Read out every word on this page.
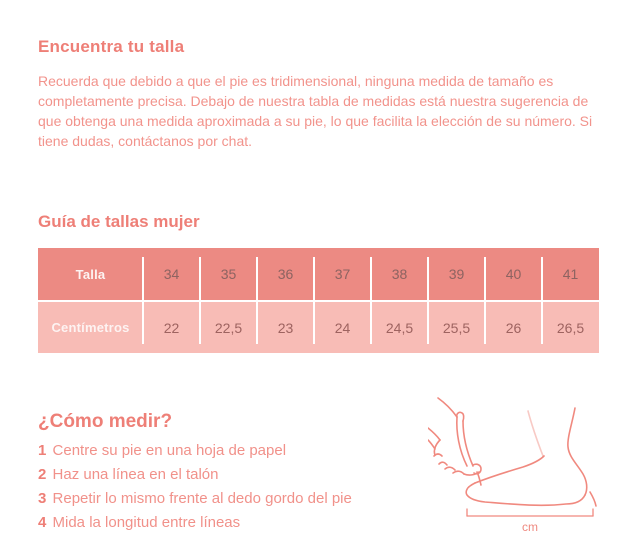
Encuentra tu talla

Recuerda que debido a que el pie es tridimensional, ninguna medida de tamaño es completamente precisa. Debajo de nuestra tabla de medidas está nuestra sugerencia de que obtenga una medida aproximada a su pie, lo que facilita la elección de su número. Si tiene dudas, contáctanos por chat.

Guía de tallas mujer
Talla	34	35	36	37	38	39	40	41
Centímetros	22	22,5	23	24	24,5	25,5	26	26,5
¿Cómo medir?
1 Centre su pie en una hoja de papel
2 Haz una línea en el talón
3 Repetir lo mismo frente al dedo gordo del pie
4 Mida la longitud entre líneas	cm
